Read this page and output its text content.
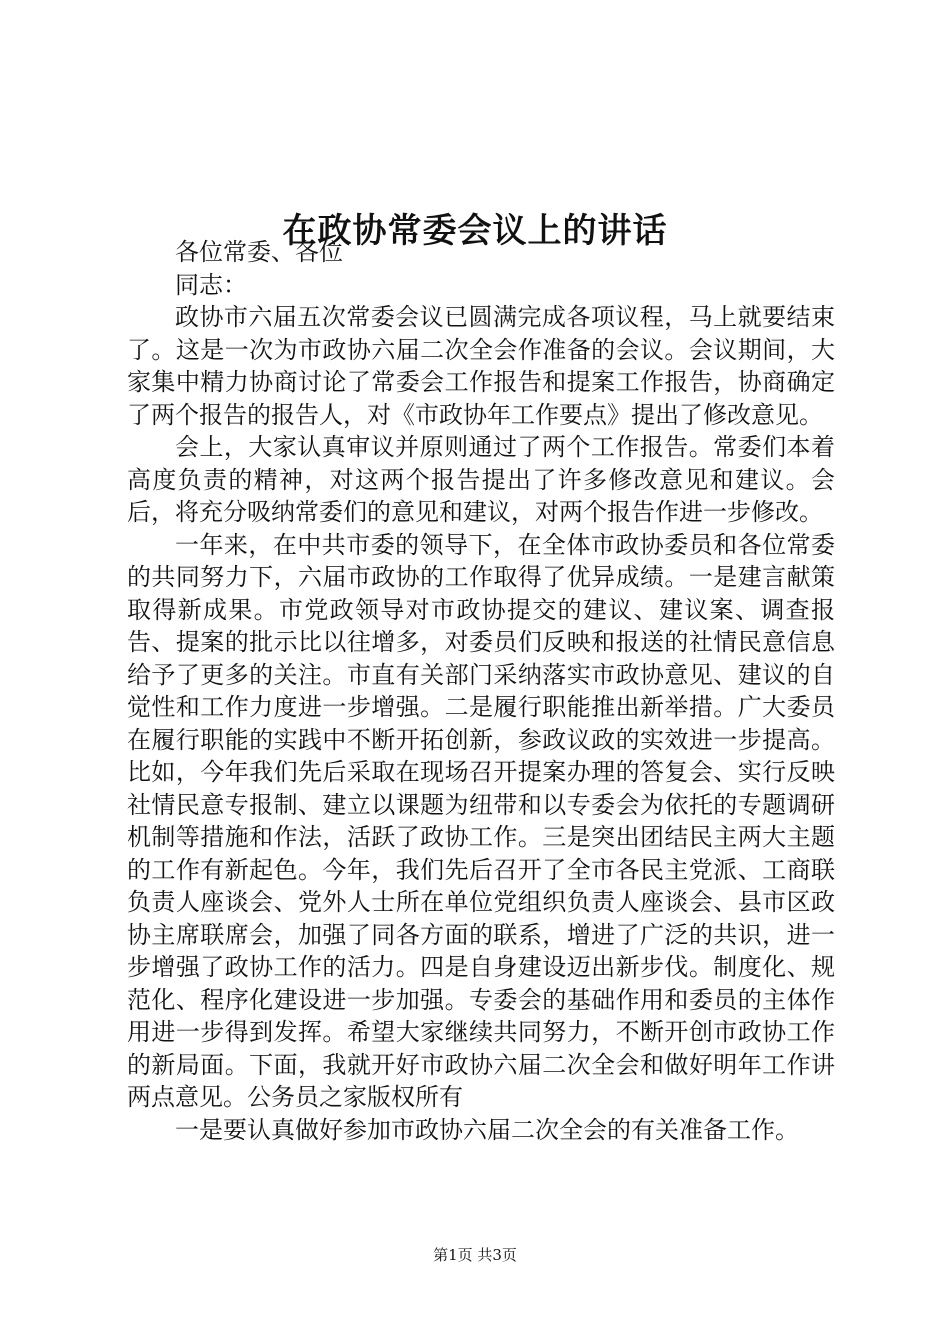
在政协常委会议上的讲话

各位常委、各位

同志：

政协市六届五次常委会议已圆满完成各项议程，马上就要结束了。这是一次为市政协六届二次全会作准备的会议。会议期间，大家集中精力协商讨论了常委会工作报告和提案工作报告，协商确定了两个报告的报告人，对《市政协年工作要点》提出了修改意见。

会上，大家认真审议并原则通过了两个工作报告。常委们本着高度负责的精神，对这两个报告提出了许多修改意见和建议。会后，将充分吸纳常委们的意见和建议，对两个报告作进一步修改。

一年来，在中共市委的领导下，在全体市政协委员和各位常委的共同努力下，六届市政协的工作取得了优异成绩。一是建言献策取得新成果。市党政领导对市政协提交的建议、建议案、调查报告、提案的批示比以往增多，对委员们反映和报送的社情民意信息给予了更多的关注。市直有关部门采纳落实市政协意见、建议的自觉性和工作力度进一步增强。二是履行职能推出新举措。广大委员在履行职能的实践中不断开拓创新，参政议政的实效进一步提高。比如，今年我们先后采取在现场召开提案办理的答复会、实行反映社情民意专报制、建立以课题为纽带和以专委会为依托的专题调研机制等措施和作法，活跃了政协工作。三是突出团结民主两大主题的工作有新起色。今年，我们先后召开了全市各民主党派、工商联负责人座谈会、党外人士所在单位党组织负责人座谈会、县市区政协主席联席会，加强了同各方面的联系，增进了广泛的共识，进一步增强了政协工作的活力。四是自身建设迈出新步伐。制度化、规范化、程序化建设进一步加强。专委会的基础作用和委员的主体作用进一步得到发挥。希望大家继续共同努力，不断开创市政协工作的新局面。下面，我就开好市政协六届二次全会和做好明年工作讲两点意见。公务员之家版权所有

一是要认真做好参加市政协六届二次全会的有关准备工作。

第1页 共3页
